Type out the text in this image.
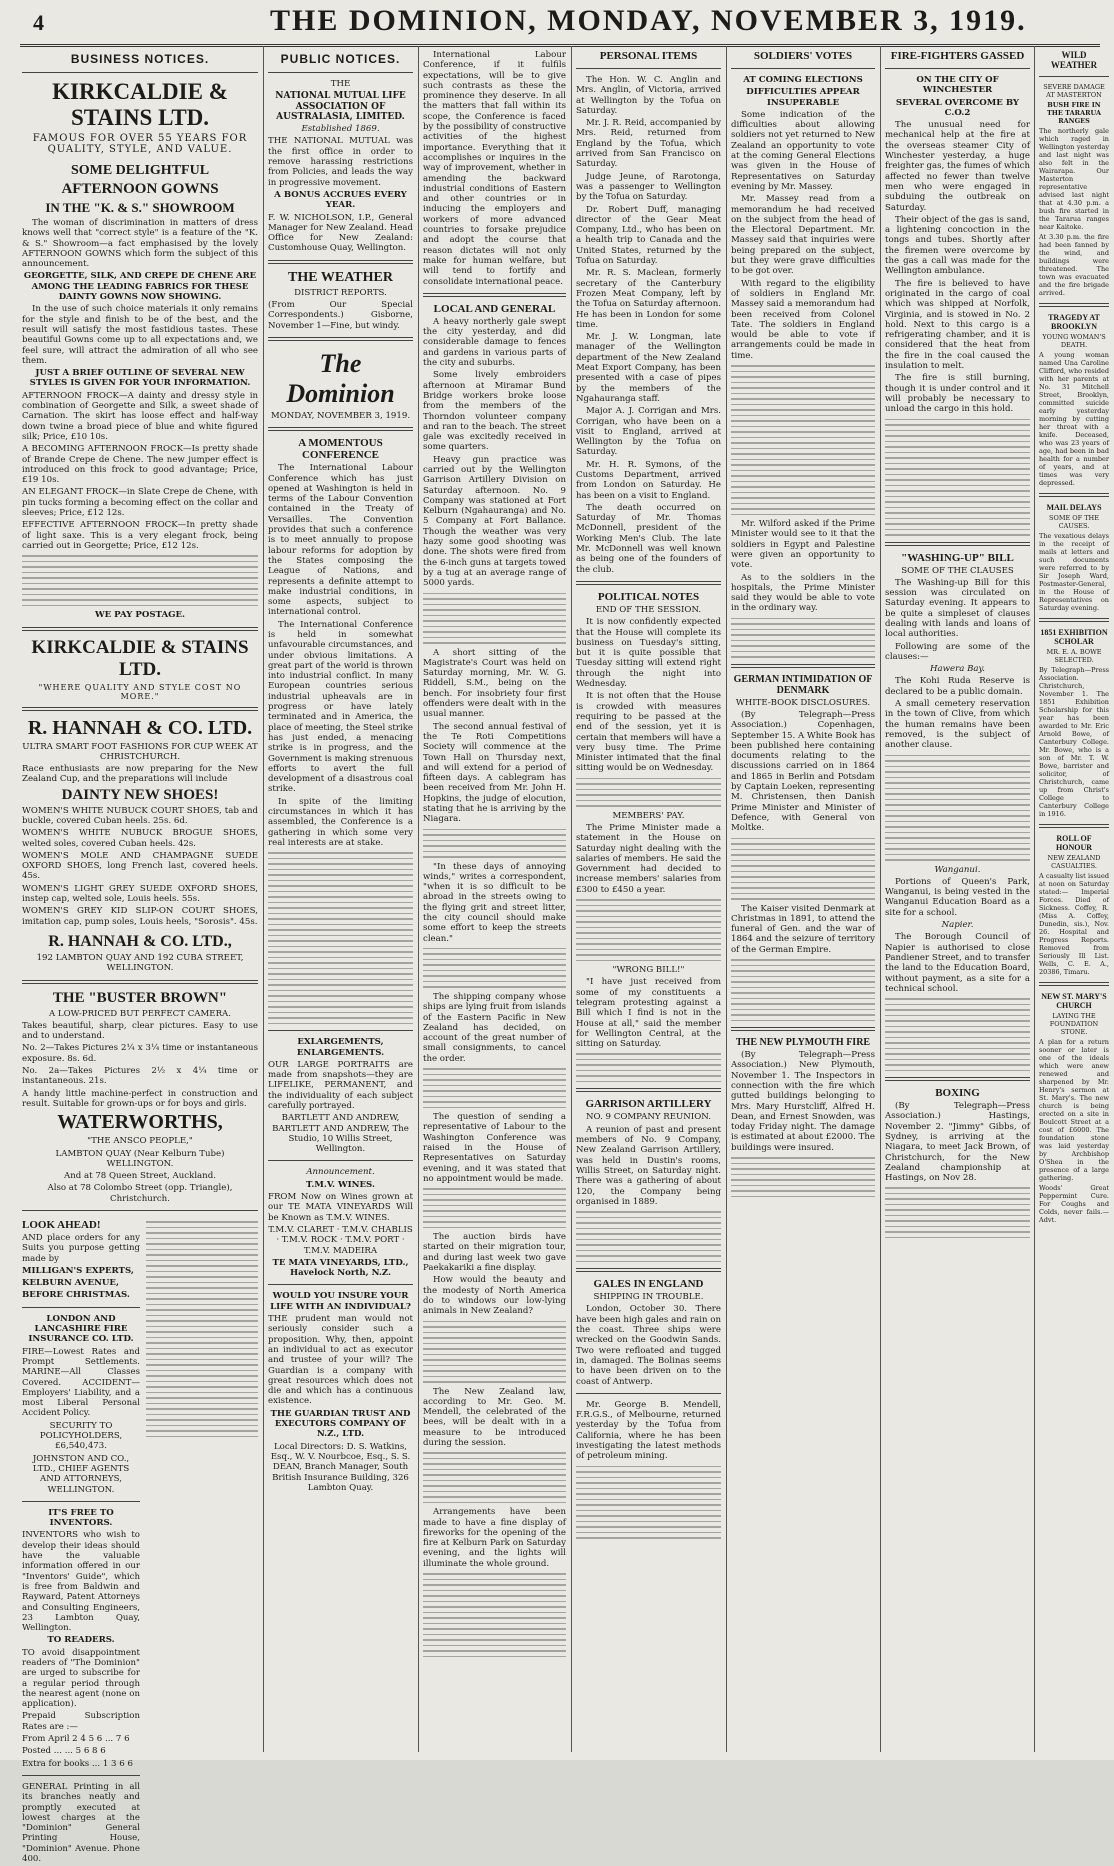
4	THE DOMINION, MONDAY, NOVEMBER 3, 1919.
BUSINESS NOTICES.
KIRKCALDIE & STAINS LTD.
FAMOUS FOR OVER 55 YEARS FOR QUALITY, STYLE, AND VALUE.
SOME DELIGHTFUL
AFTERNOON GOWNS
IN THE "K. & S." SHOWROOM

The woman of discrimination in matters of dress knows well that "correct style" is a feature of the "K. & S." Showroom—a fact emphasised by the lovely AFTERNOON GOWNS which form the subject of this announcement.

GEORGETTE, SILK, AND CREPE DE CHENE ARE AMONG THE LEADING FABRICS FOR THESE DAINTY GOWNS NOW SHOWING.

In the use of such choice materials it only remains for the style and finish to be of the best, and the result will satisfy the most fastidious tastes. These beautiful Gowns come up to all expectations and, we feel sure, will attract the admiration of all who see them.

JUST A BRIEF OUTLINE OF SEVERAL NEW STYLES IS GIVEN FOR YOUR INFORMATION.

AFTERNOON FROCK—A dainty and dressy style in combination of Georgette and Silk, a sweet shade of Carnation. The skirt has loose effect and half-way down twine a broad piece of blue and white figured silk; Price, £10 10s.

A BECOMING AFTERNOON FROCK—Is pretty shade of Brande Crepe de Chene. The new jumper effect is introduced on this frock to good advantage; Price, £19 10s.

AN ELEGANT FROCK—in Slate Crepe de Chene, with pin tucks forming a becoming effect on the collar and sleeves; Price, £12 12s.

EFFECTIVE AFTERNOON FROCK—In pretty shade of light saxe. This is a very elegant frock, being carried out in Georgette; Price, £12 12s.

WE PAY POSTAGE.

KIRKCALDIE & STAINS LTD.
"WHERE QUALITY AND STYLE COST NO MORE."
R. HANNAH & CO. LTD.

ULTRA SMART FOOT FASHIONS FOR CUP WEEK AT CHRISTCHURCH.

Race enthusiasts are now preparing for the New Zealand Cup, and the preparations will include

DAINTY NEW SHOES!

WOMEN'S WHITE NUBUCK COURT SHOES, tab and buckle, covered Cuban heels. 25s. 6d.

WOMEN'S WHITE NUBUCK BROGUE SHOES, welted soles, covered Cuban heels. 42s.

WOMEN'S MOLE AND CHAMPAGNE SUEDE OXFORD SHOES, long French last, covered heels. 45s.

WOMEN'S LIGHT GREY SUEDE OXFORD SHOES, instep cap, welted sole, Louis heels. 55s.

WOMEN'S GREY KID SLIP-ON COURT SHOES, imitation cap, pump soles, Louis heels, "Sorosis". 45s.

R. HANNAH & CO. LTD.,

192 LAMBTON QUAY AND 192 CUBA STREET, WELLINGTON.

THE "BUSTER BROWN"

A LOW-PRICED BUT PERFECT CAMERA.

Takes beautiful, sharp, clear pictures. Easy to use and to understand.

No. 2—Takes Pictures 2¼ x 3¼ time or instantaneous exposure. 8s. 6d.

No. 2a—Takes Pictures 2½ x 4¼ time or instantaneous. 21s.

A handy little machine-perfect in construction and result. Suitable for grown-ups or for boys and girls.

WATERWORTHS,

"THE ANSCO PEOPLE,"

LAMBTON QUAY (Near Kelburn Tube) WELLINGTON.

And at 78 Queen Street, Auckland.

Also at 78 Colombo Street (opp. Triangle), Christchurch.

LOOK AHEAD!

AND place orders for any Suits you purpose getting made by

MILLIGAN'S EXPERTS,

KELBURN AVENUE,

BEFORE CHRISTMAS.

LONDON AND LANCASHIRE FIRE INSURANCE CO. LTD.

FIRE—Lowest Rates and Prompt Settlements. MARINE—All Classes Covered. ACCIDENT—Employers' Liability, and a most Liberal Personal Accident Policy.

SECURITY TO POLICYHOLDERS, £6,540,473.

JOHNSTON AND CO., LTD., CHIEF AGENTS AND ATTORNEYS, WELLINGTON.

IT'S FREE TO INVENTORS.

INVENTORS who wish to develop their ideas should have the valuable information offered in our "Inventors' Guide", which is free from Baldwin and Rayward, Patent Attorneys and Consulting Engineers, 23 Lambton Quay, Wellington.

TO READERS.

TO avoid disappointment readers of "The Dominion" are urged to subscribe for a regular period through the nearest agent (none on application).

Prepaid Subscription Rates are :—

From April 2 4 5 6 ... 7 6

Posted ... ... 5 6 8 6

Extra for books ... 1 3 6 6

GENERAL Printing in all its branches neatly and promptly executed at lowest charges at the "Dominion" General Printing House, "Dominion" Avenue. Phone 400.

PUBLIC NOTICES.

THE

NATIONAL MUTUAL LIFE ASSOCIATION OF AUSTRALASIA, LIMITED.

Established 1869.

THE NATIONAL MUTUAL was the first office in order to remove harassing restrictions from Policies, and leads the way in progressive movement.

A BONUS ACCRUES EVERY YEAR.

F. W. NICHOLSON, I.P., General Manager for New Zealand. Head Office for New Zealand: Customhouse Quay, Wellington.

THE WEATHER

DISTRICT REPORTS.

(From Our Special Correspondents.) Gisborne, November 1—Fine, but windy.

The Dominion

MONDAY, NOVEMBER 3, 1919.

A MOMENTOUS CONFERENCE

The International Labour Conference which has just opened at Washington is held in terms of the Labour Convention contained in the Treaty of Versailles. The Convention provides that such a conference is to meet annually to propose labour reforms for adoption by the States composing the League of Nations, and represents a definite attempt to make industrial conditions, in some aspects, subject to international control.

The International Conference is held in somewhat unfavourable circumstances, and under obvious limitations. A great part of the world is thrown into industrial conflict. In many European countries serious industrial upheavals are in progress or have lately terminated and in America, the place of meeting, the Steel strike has just ended, a menacing strike is in progress, and the Government is making strenuous efforts to avert the full development of a disastrous coal strike.

In spite of the limiting circumstances in which it has assembled, the Conference is a gathering in which some very real interests are at stake.

EXLARGEMENTS, ENLARGEMENTS.

OUR LARGE PORTRAITS are made from snapshots—they are LIFELIKE, PERMANENT, and the individuality of each subject carefully portrayed.

BARTLETT AND ANDREW, BARTLETT AND ANDREW, The Studio, 10 Willis Street, Wellington.

Announcement.

T.M.V. WINES.

FROM Now on Wines grown at our TE MATA VINEYARDS Will be Known as T.M.V. WINES.

T.M.V. CLARET · T.M.V. CHABLIS · T.M.V. ROCK · T.M.V. PORT · T.M.V. MADEIRA

TE MATA VINEYARDS, LTD., Havelock North, N.Z.

WOULD YOU INSURE YOUR LIFE WITH AN INDIVIDUAL?

THE prudent man would not seriously consider such a proposition. Why, then, appoint an individual to act as executor and trustee of your will? The Guardian is a company with great resources which does not die and which has a continuous existence.

THE GUARDIAN TRUST AND EXECUTORS COMPANY OF N.Z., LTD.

Local Directors: D. S. Watkins, Esq., W. V. Nourbcoe, Esq., S. S. DEAN, Branch Manager, South British Insurance Building, 326 Lambton Quay.

International Labour Conference, if it fulfils expectations, will be to give such contrasts as these the prominence they deserve. In all the matters that fall within its scope, the Conference is faced by the possibility of constructive activities of the highest importance. Everything that it accomplishes or inquires in the way of improvement, whether in amending the backward industrial conditions of Eastern and other countries or in inducing the employers and workers of more advanced countries to forsake prejudice and adopt the course that reason dictates will not only make for human welfare, but will tend to fortify and consolidate international peace.

LOCAL AND GENERAL

A heavy northerly gale swept the city yesterday, and did considerable damage to fences and gardens in various parts of the city and suburbs.

Some lively embroiders afternoon at Miramar Bund Bridge workers broke loose from the members of the Thorndon volunteer company and ran to the beach. The street gale was excitedly received in some quarters.

Heavy gun practice was carried out by the Wellington Garrison Artillery Division on Saturday afternoon. No. 9 Company was stationed at Fort Kelburn (Ngahauranga) and No. 5 Company at Fort Ballance. Though the weather was very hazy some good shooting was done. The shots were fired from the 6-inch guns at targets towed by a tug at an average range of 5000 yards.

A short sitting of the Magistrate's Court was held on Saturday morning, Mr. W. G. Riddell, S.M., being on the bench. For insobriety four first offenders were dealt with in the usual manner.

The second annual festival of the Te Roti Competitions Society will commence at the Town Hall on Thursday next, and will extend for a period of fifteen days. A cablegram has been received from Mr. John H. Hopkins, the judge of elocution, stating that he is arriving by the Niagara.

"In these days of annoying winds," writes a correspondent, "when it is so difficult to be abroad in the streets owing to the flying grit and street litter, the city council should make some effort to keep the streets clean."

The shipping company whose ships are lying fruit from islands of the Eastern Pacific in New Zealand has decided, on account of the great number of small consignments, to cancel the order.

The question of sending a representative of Labour to the Washington Conference was raised in the House of Representatives on Saturday evening, and it was stated that no appointment would be made.

The auction birds have started on their migration tour, and during last week two gave Paekakariki a fine display.

How would the beauty and the modesty of North America do to windows our low-lying animals in New Zealand?

The New Zealand law, according to Mr. Geo. M. Mendell, the celebrated of the bees, will be dealt with in a measure to be introduced during the session.

Arrangements have been made to have a fine display of fireworks for the opening of the fire at Kelburn Park on Saturday evening, and the lights will illuminate the whole ground.

PERSONAL ITEMS

The Hon. W. C. Anglin and Mrs. Anglin, of Victoria, arrived at Wellington by the Tofua on Saturday.

Mr. J. R. Reid, accompanied by Mrs. Reid, returned from England by the Tofua, which arrived from San Francisco on Saturday.

Judge Jeune, of Rarotonga, was a passenger to Wellington by the Tofua on Saturday.

Dr. Robert Duff, managing director of the Gear Meat Company, Ltd., who has been on a health trip to Canada and the United States, returned by the Tofua on Saturday.

Mr. R. S. Maclean, formerly secretary of the Canterbury Frozen Meat Company, left by the Tofua on Saturday afternoon. He has been in London for some time.

Mr. J. W. Longman, late manager of the Wellington department of the New Zealand Meat Export Company, has been presented with a case of pipes by the members of the Ngahauranga staff.

Major A. J. Corrigan and Mrs. Corrigan, who have been on a visit to England, arrived at Wellington by the Tofua on Saturday.

Mr. H. R. Symons, of the Customs Department, arrived from London on Saturday. He has been on a visit to England.

The death occurred on Saturday of Mr. Thomas McDonnell, president of the Working Men's Club. The late Mr. McDonnell was well known as being one of the founders of the club.

POLITICAL NOTES

END OF THE SESSION.

It is now confidently expected that the House will complete its business on Tuesday's sitting, but it is quite possible that Tuesday sitting will extend right through the night into Wednesday.

It is not often that the House is crowded with measures requiring to be passed at the end of the session, yet it is certain that members will have a very busy time. The Prime Minister intimated that the final sitting would be on Wednesday.

MEMBERS' PAY.

The Prime Minister made a statement in the House on Saturday night dealing with the salaries of members. He said the Government had decided to increase members' salaries from £300 to £450 a year.

"WRONG BILL!"

"I have just received from some of my constituents a telegram protesting against a Bill which I find is not in the House at all," said the member for Wellington Central, at the sitting on Saturday.

GARRISON ARTILLERY

NO. 9 COMPANY REUNION.

A reunion of past and present members of No. 9 Company, New Zealand Garrison Artillery, was held in Dustin's rooms, Willis Street, on Saturday night. There was a gathering of about 120, the Company being organised in 1889.

GALES IN ENGLAND

SHIPPING IN TROUBLE.

London, October 30. There have been high gales and rain on the coast. Three ships were wrecked on the Goodwin Sands. Two were refloated and tugged in, damaged. The Bolinas seems to have been driven on to the coast of Antwerp.

Mr. George B. Mendell, F.R.G.S., of Melbourne, returned yesterday by the Tofua from California, where he has been investigating the latest methods of petroleum mining.

SOLDIERS' VOTES

AT COMING ELECTIONS

DIFFICULTIES APPEAR INSUPERABLE

Some indication of the difficulties about allowing soldiers not yet returned to New Zealand an opportunity to vote at the coming General Elections was given in the House of Representatives on Saturday evening by Mr. Massey.

Mr. Massey read from a memorandum he had received on the subject from the head of the Electoral Department. Mr. Massey said that inquiries were being prepared on the subject, but they were grave difficulties to be got over.

With regard to the eligibility of soldiers in England Mr. Massey said a memorandum had been received from Colonel Tate. The soldiers in England would be able to vote if arrangements could be made in time.

Mr. Wilford asked if the Prime Minister would see to it that the soldiers in Egypt and Palestine were given an opportunity to vote.

As to the soldiers in the hospitals, the Prime Minister said they would be able to vote in the ordinary way.

GERMAN INTIMIDATION OF DENMARK

WHITE-BOOK DISCLOSURES.

(By Telegraph—Press Association.) Copenhagen, September 15. A White Book has been published here containing documents relating to the discussions carried on in 1864 and 1865 in Berlin and Potsdam by Captain Loeken, representing M. Christensen, then Danish Prime Minister and Minister of Defence, with General von Moltke.

The Kaiser visited Denmark at Christmas in 1891, to attend the funeral of Gen. and the war of 1864 and the seizure of territory of the German Empire.

THE NEW PLYMOUTH FIRE

(By Telegraph—Press Association.) New Plymouth, November 1. The Inspectors in connection with the fire which gutted buildings belonging to Mrs. Mary Hurstcliff, Alfred H. Dean, and Ernest Snowden, was today Friday night. The damage is estimated at about £2000. The buildings were insured.

FIRE-FIGHTERS GASSED

ON THE CITY OF WINCHESTER

SEVERAL OVERCOME BY C.O.2

The unusual need for mechanical help at the fire at the overseas steamer City of Winchester yesterday, a huge freighter gas, the fumes of which affected no fewer than twelve men who were engaged in subduing the outbreak on Saturday.

Their object of the gas is sand, a lightening concoction in the tongs and tubes. Shortly after the firemen were overcome by the gas a call was made for the Wellington ambulance.

The fire is believed to have originated in the cargo of coal which was shipped at Norfolk, Virginia, and is stowed in No. 2 hold. Next to this cargo is a refrigerating chamber, and it is considered that the heat from the fire in the coal caused the insulation to melt.

The fire is still burning, though it is under control and it will probably be necessary to unload the cargo in this hold.

"WASHING-UP" BILL

SOME OF THE CLAUSES

The Washing-up Bill for this session was circulated on Saturday evening. It appears to be quite a simpleset of clauses dealing with lands and loans of local authorities.

Following are some of the clauses:—

Hawera Bay.

The Kohi Ruda Reserve is declared to be a public domain.

A small cemetery reservation in the town of Clive, from which the human remains have been removed, is the subject of another clause.

Wanganui.

Portions of Queen's Park, Wanganui, is being vested in the Wanganui Education Board as a site for a school.

Napier.

The Borough Council of Napier is authorised to close Pandiener Street, and to transfer the land to the Education Board, without payment, as a site for a technical school.

BOXING

(By Telegraph—Press Association.) Hastings, November 2. "Jimmy" Gibbs, of Sydney, is arriving at the Niagara, to meet Jack Brown, of Christchurch, for the New Zealand championship at Hastings, on Nov 28.

WILD WEATHER

SEVERE DAMAGE AT MASTERTON

BUSH FIRE IN THE TARARUA RANGES

The northerly gale which raged in Wellington yesterday and last night was also felt in the Wairarapa. Our Masterton representative advised last night that at 4.30 p.m. a bush fire started in the Tararua ranges near Kaitoke.

At 3.30 p.m. the fire had been fanned by the wind, and buildings were threatened. The town was evacuated and the fire brigade arrived.

TRAGEDY AT BROOKLYN

YOUNG WOMAN'S DEATH.

A young woman named Una Caroline Clifford, who resided with her parents at No. 31 Mitchell Street, Brooklyn, committed suicide early yesterday morning by cutting her throat with a knife. Deceased, who was 23 years of age, had been in bad health for a number of years, and at times was very depressed.

MAIL DELAYS

SOME OF THE CAUSES.

The vexatious delays in the receipt of mails at letters and such documents were referred to by Sir Joseph Ward, Postmaster-General, in the House of Representatives on Saturday evening.

1851 EXHIBITION SCHOLAR

MR. E. A. BOWE SELECTED.

By Telegraph—Press Association. Christchurch, November 1. The 1851 Exhibition Scholarship for this year has been awarded to Mr. Eric Arnold Bowe, of Canterbury College. Mr. Bowe, who is a son of Mr. T. W. Bowe, barrister and solicitor, of Christchurch, came up from Christ's College to Canterbury College in 1916.

ROLL OF HONOUR

NEW ZEALAND CASUALTIES.

A casualty list issued at noon on Saturday stated:— Imperial Forces. Died of Sickness. Coffey, R. (Miss A. Coffey, Dunedin, sis.), Nov. 26. Hospital and Progress Reports. Removed from Seriously Ill List. Wells, C. E. A., 20386, Timaru.

NEW ST. MARY'S CHURCH

LAYING THE FOUNDATION STONE.

A plan for a return sooner or later is one of the ideals which were anew renewed and sharpened by Mr. Henry's sermon at St. Mary's. The new church is being erected on a site in Boulcott Street at a cost of £6000. The foundation stone was laid yesterday by Archbishop O'Shea in the presence of a large gathering.

Woods' Great Peppermint Cure. For Coughs and Colds, never fails.—Advt.
